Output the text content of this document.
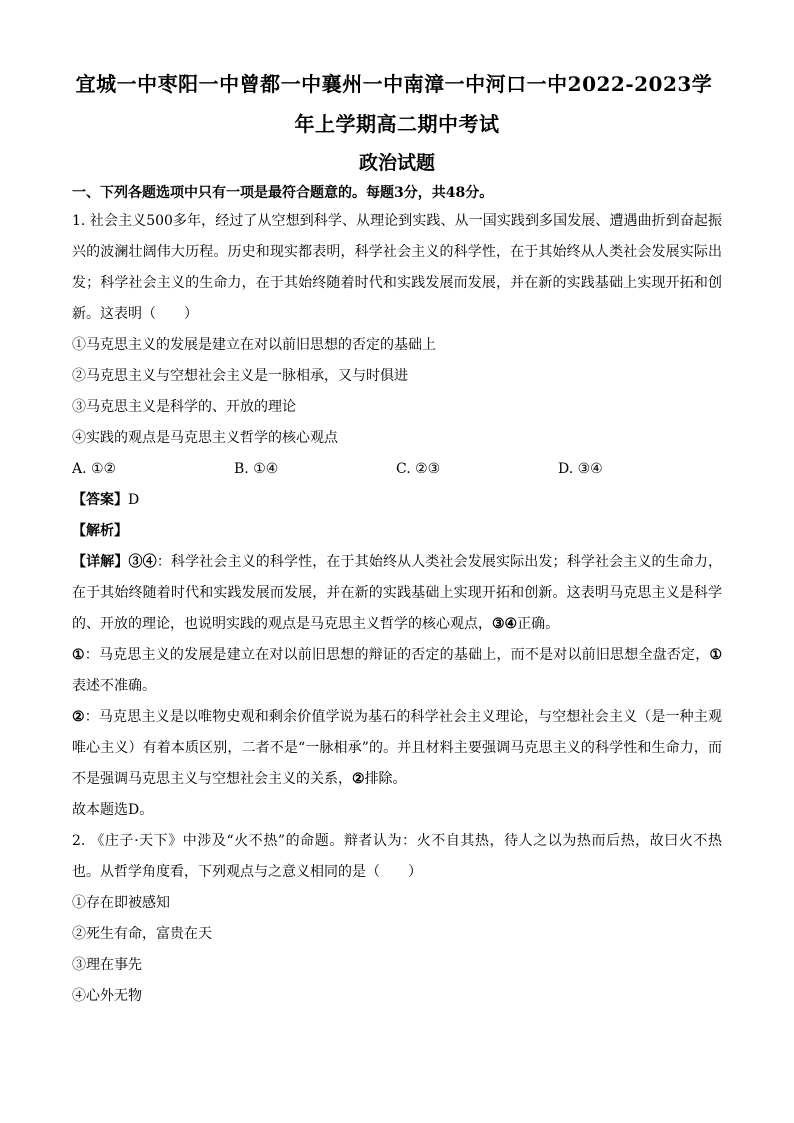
宜城一中枣阳一中曾都一中襄州一中南漳一中河口一中2022-2023学
年上学期高二期中考试
政治试题
一、下列各题选项中只有一项是最符合题意的。每题3分，共48分。

1. 社会主义500多年，经过了从空想到科学、从理论到实践、从一国实践到多国发展、遭遇曲折到奋起振兴的波澜壮阔伟大历程。历史和现实都表明，科学社会主义的科学性，在于其始终从人类社会发展实际出发；科学社会主义的生命力，在于其始终随着时代和实践发展而发展，并在新的实践基础上实现开拓和创新。这表明（　　）

①马克思主义的发展是建立在对以前旧思想的否定的基础上

②马克思主义与空想社会主义是一脉相承，又与时俱进

③马克思主义是科学的、开放的理论

④实践的观点是马克思主义哲学的核心观点

A. ①②	B. ①④	C. ②③	D. ③④

【答案】D

【解析】

【详解】③④：科学社会主义的科学性，在于其始终从人类社会发展实际出发；科学社会主义的生命力，在于其始终随着时代和实践发展而发展，并在新的实践基础上实现开拓和创新。这表明马克思主义是科学的、开放的理论，也说明实践的观点是马克思主义哲学的核心观点，③④正确。

①：马克思主义的发展是建立在对以前旧思想的辩证的否定的基础上，而不是对以前旧思想全盘否定，①表述不准确。

②：马克思主义是以唯物史观和剩余价值学说为基石的科学社会主义理论，与空想社会主义（是一种主观唯心主义）有着本质区别，二者不是“一脉相承”的。并且材料主要强调马克思主义的科学性和生命力，而不是强调马克思主义与空想社会主义的关系，②排除。

故本题选D。

2. 《庄子·天下》中涉及“火不热”的命题。辩者认为：火不自其热，待人之以为热而后热，故曰火不热也。从哲学角度看，下列观点与之意义相同的是（　　）

①存在即被感知

②死生有命，富贵在天

③理在事先

④心外无物
